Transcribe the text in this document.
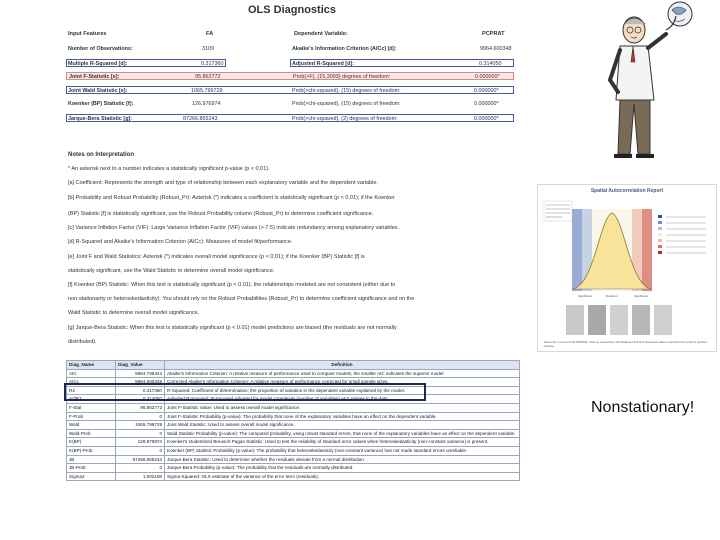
OLS Diagnostics
Input Features	FA	Dependent Variable:	PCPRAT
Number of Observations:	3109	Akaike's Information Criterion (AICc) [d]:	9964.600348
Multiple R-Squared [d]:	0.317360	Adjusted R-Squared [d]:	0.314050
Joint F-Statistic [e]:	95.862772	Prob(>F), (15,3093) degrees of freedom:	0.000000*
Joint Wald Statistic [e]:	1065.799729	Prob(>chi-squared), (15) degrees of freedom:	0.000000*
Koenker (BP) Statistic [f]:	126.976974	Prob(>chi-squared), (15) degrees of freedom:	0.000000*
Jarque-Bera Statistic [g]:	87266.865243	Prob(>chi-squared), (2) degrees of freedom:	0.000000*
Notes on Interpretation
* An asterisk next to a number indicates a statistically significant p-value (p < 0.01).
[a] Coefficient: Represents the strength and type of relationship between each explanatory variable and the dependent variable.
[b] Probability and Robust Probability (Robust_Pr): Asterisk (*) indicates a coefficient is statistically significant (p < 0.01); if the Koenker
(BP) Statistic [f] is statistically significant, use the Robust Probability column (Robust_Pr) to determine coefficient significance.
[c] Variance Inflation Factor (VIF): Large Variance Inflation Factor (VIF) values (> 7.5) indicate redundancy among explanatory variables.
[d] R-Squared and Akaike's Information Criterion (AICc): Measures of model fit/performance.
[e] Joint F and Wald Statistics: Asterisk (*) indicates overall model significance (p < 0.01); if the Koenker (BP) Statistic [f] is
statistically significant, use the Wald Statistic to determine overall model significance.
[f] Koenker (BP) Statistic: When this test is statistically significant (p < 0.01), the relationships modeled are not consistent (either due to
non-stationarity or heteroskedasticity). You should rely on the Robust Probabilities (Robust_Pr) to determine coefficient significance and on the
Wald Statistic to determine overall model significance.
[g] Jarque-Bera Statistic: When this test is statistically significant (p < 0.01) model predictions are biased (the residuals are not normally
distributed).
Spatial Autocorrelation Report
Significant	Random	Significant
Given the z-score of 18.4699491, there is a less than 1% likelihood that this clustered pattern could be the result of random chance.
Diag_Name	Diag_Value	Definition
AIC	9964.798343	Akaike's Information Criterion: A relative measure of performance used to compare models; the smaller AIC indicates the superior model.
AICc	9964.600348	Corrected Akaike's Information Criterion: A relative measure of performance corrected for small sample sizes.
R2	0.317360	R-Squared: Coefficient of determination; the proportion of variation in the dependent variable explained by the model.
AdjR2	0.314050	Adjusted R-Squared: R-Squared adjusted for model complexity (number of variables) as it relates to the data.
F-Stat	95.862772	Joint F-Statistic Value: Used to assess overall model significance.
F-Prob	0	Joint F-Statistic Probability (p-value): The probability that none of the explanatory variables have an effect on the dependent variable.
Wald	1065.799729	Joint Wald Statistic: Used to assess overall model significance.
Wald-Prob	0	Wald Statistic Probability (p-value): The computed probability, using robust standard errors, that none of the explanatory variables have an effect on the dependent variable.
K(BP)	126.976974	Koenker's studentized Breusch-Pagan Statistic: Used to test the reliability of standard error values when heteroskedasticity (non-constant variance) is present.
K(BP)-Prob	0	Koenker (BP) Statistic Probability (p-value): The probability that heteroskedasticity (non-constant variance) has not made standard errors unreliable.
JB	87266.865243	Jarque-Bera Statistic: Used to determine whether the residuals deviate from a normal distribution.
JB-Prob	0	Jarque-Bera Probability (p-value): The probability that the residuals are normally distributed.
Sigma2	1.002108	Sigma-Squared: OLS estimate of the variance of the error term (residuals).
Nonstationary!
